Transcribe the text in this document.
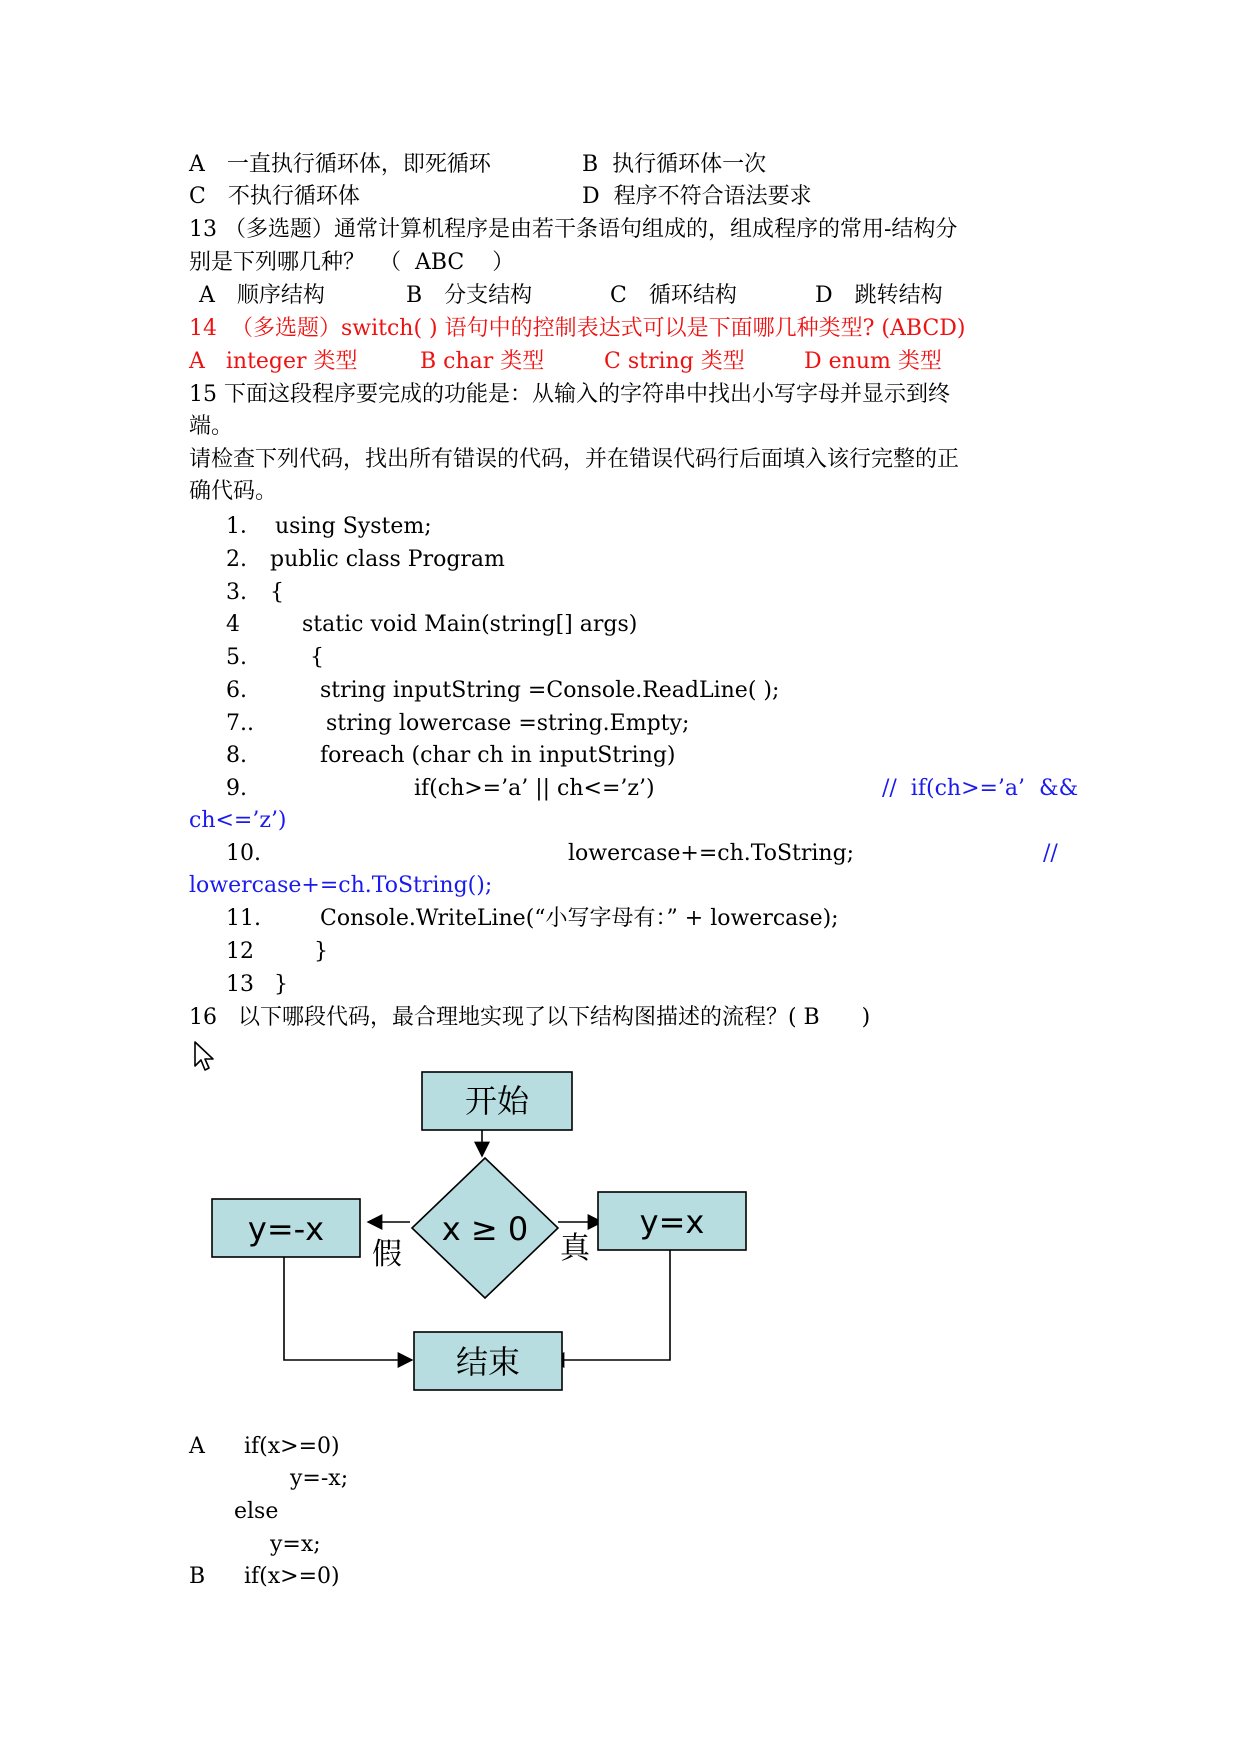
A　一直执行循环体，即死循环	B  执行循环体一次
C　不执行循环体	D  程序不符合语法要求
13 （多选题）通常计算机程序是由若干条语句组成的，组成程序的常用-结构分
别是下列哪几种？  （  ABC    ）
A　顺序结构	B　分支结构	C　循环结构	D　跳转结构
14  （多选题）switch( ) 语句中的控制表达式可以是下面哪几种类型? (ABCD)
A   integer 类型	B char 类型	C string 类型	D enum 类型
15 下面这段程序要完成的功能是：从输入的字符串中找出小写字母并显示到终
端。
请检查下列代码，找出所有错误的代码，并在错误代码行后面填入该行完整的正
确代码。
1． using System;
2. public class Program
3. {
4	static void Main(string[] args)
5.	{
6.	string inputString =Console.ReadLine( );
7..	string lowercase =string.Empty;
8.	foreach (char ch in inputString)
9.	if(ch>=’a’ || ch<=’z’)	//  if(ch>=’a’  &&
ch<=’z’)
10.	lowercase+=ch.ToString;	//
lowercase+=ch.ToString();
11.	Console.WriteLine(“小写字母有：” + lowercase);
12	}
13 }
16   以下哪段代码，最合理地实现了以下结构图描述的流程？( B      )
开始
x ≥ 0	y=x
y=-x
假	真
结束
A if(x>=0)
y=-x;
else
y=x;
B if(x>=0)
